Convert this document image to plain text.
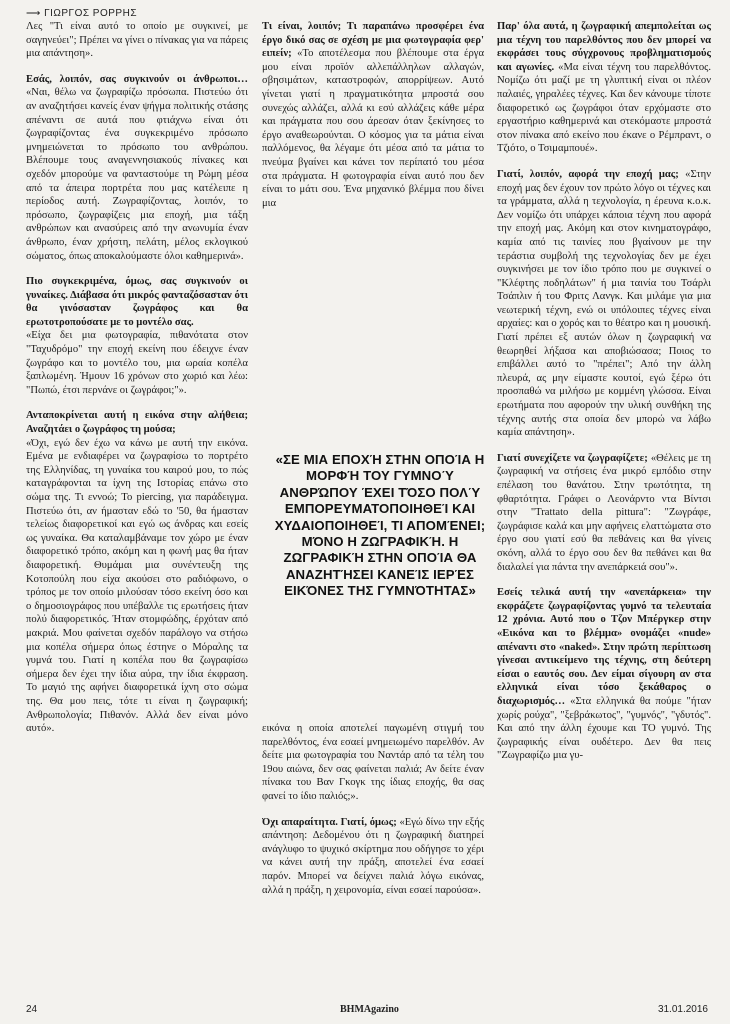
⟶ ΓΙΩΡΓΟΣ ΡΟΡΡΗΣ

Λες "Τι είναι αυτό το οποίο με συγκινεί, με σαγηνεύει"; Πρέπει να γίνει ο πίνακας για να πάρεις μια απάντηση».

Εσάς, λοιπόν, σας συγκινούν οι άνθρωποι… «Ναι, θέλω να ζωγραφίζω πρόσωπα. Πιστεύω ότι αν αναζητήσει κανείς έναν ψήγμα πολιτικής στάσης απέναντι σε αυτά που φτιάχνω είναι ότι ζωγραφίζοντας ένα συγκεκριμένο πρόσωπο μνημειώνεται το πρόσωπο του ανθρώπου. Βλέπουμε τους αναγεννησιακούς πίνακες και σχεδόν μπορούμε να φανταστούμε τη Ρώμη μέσα από τα άπειρα πορτρέτα που μας κατέλειπε η περίοδος αυτή. Ζωγραφίζοντας, λοιπόν, το πρόσωπο, ζωγραφίζεις μια εποχή, μια τάξη ανθρώπων και ανασύρεις από την ανωνυμία έναν άνθρωπο, έναν χρήστη, πελάτη, μέλος εκλογικού σώματος, όπως αποκαλούμαστε όλοι καθημερινά».

Πιο συγκεκριμένα, όμως, σας συγκινούν οι γυναίκες. Διάβασα ότι μικρός φανταζόσασταν ότι θα γινόσασταν ζωγράφος και θα ερωτοτροπούσατε με το μοντέλο σας.
«Είχα δει μια φωτογραφία, πιθανότατα στον "Ταχυδρόμο" την εποχή εκείνη που έδειχνε έναν ζωγράφο και το μοντέλο του, μια ωραία κοπέλα ξαπλωμένη. Ήμουν 16 χρόνων στο χωριό και λέω: "Πωπώ, έτσι περνάνε οι ζωγράφοι;"».

Ανταποκρίνεται αυτή η εικόνα στην αλήθεια; Αναζητάει ο ζωγράφος τη μούσα;
«Όχι, εγώ δεν έχω να κάνω με αυτή την εικόνα. Εμένα με ενδιαφέρει να ζωγραφίσω το πορτρέτο της Ελληνίδας, τη γυναίκα του καιρού μου, το πώς καταγράφονται τα ίχνη της Ιστορίας επάνω στο σώμα της. Τι εννοώ; Το piercing, για παράδειγμα. Πιστεύω ότι, αν ήμασταν εδώ το '50, θα ήμασταν τελείως διαφορετικοί και εγώ ως άνδρας και εσείς ως γυναίκα. Θα καταλαμβάναμε τον χώρο με έναν διαφορετικό τρόπο, ακόμη και η φωνή μας θα ήταν διαφορετική. Θυμάμαι μια συνέντευξη της Κοτοπούλη που είχα ακούσει στο ραδιόφωνο, ο τρόπος με τον οποίο μιλούσαν τόσο εκείνη όσο και ο δημοσιογράφος που υπέβαλλε τις ερωτήσεις ήταν πολύ διαφορετικός. Ήταν στομφώδης, έρχόταν από μακριά. Μου φαίνεται σχεδόν παράλογο να στήσω μια κοπέλα σήμερα όπως έστηνε ο Μόραλης τα γυμνά του. Γιατί η κοπέλα που θα ζωγραφίσω σήμερα δεν έχει την ίδια αύρα, την ίδια έκφραση. Το μαγιό της αφήνει διαφορετικά ίχνη στο σώμα της. Θα μου πεις, τότε τι είναι η ζωγραφική; Ανθρωπολογία; Πιθανόν. Αλλά δεν είναι μόνο αυτό».

Τι είναι, λοιπόν; Τι παραπάνω προσφέρει ένα έργο δικό σας σε σχέση με μια φωτογραφία φερ' ειπείν; «Το αποτέλεσμα που βλέπουμε στα έργα μου είναι προϊόν αλλεπάλληλων αλλαγών, σβησιμάτων, καταστροφών, απορρίψεων. Αυτό γίνεται γιατί η πραγματικότητα μπροστά σου συνεχώς αλλάζει, αλλά κι εσύ αλλάζεις κάθε μέρα και πράγματα που σου άρεσαν όταν ξεκίνησες το έργο αναθεωρούνται. Ο κόσμος για τα μάτια είναι παλλόμενος, θα λέγαμε ότι μέσα από τα μάτια το πνεύμα βγαίνει και κάνει τον περίπατό του μέσα στα πράγματα. Η φωτογραφία είναι αυτό που δεν είναι το μάτι σου. Ένα μηχανικό βλέμμα που δίνει μια

εικόνα η οποία αποτελεί παγωμένη στιγμή του παρελθόντος, ένα εσαεί μνημειωμένο παρελθόν. Αν δείτε μια φωτογραφία του Ναντάρ από τα τέλη του 19ου αιώνα, δεν σας φαίνεται παλιά; Αν δείτε έναν πίνακα του Βαν Γκογκ της ίδιας εποχής, θα σας φανεί το ίδιο παλιός;».

Όχι απαραίτητα. Γιατί, όμως; «Εγώ δίνω την εξής απάντηση: Δεδομένου ότι η ζωγραφική διατηρεί ανάγλυφο το ψυχικό σκίρτημα που οδήγησε το χέρι να κάνει αυτή την πράξη, αποτελεί ένα εσαεί παρόν. Μπορεί να δείχνει παλιά λόγω εικόνας, αλλά η πράξη, η χειρονομία, είναι εσαεί παρούσα».

«ΣΕ ΜΙΑ ΕΠΟΧΉ ΣΤΗΝ ΟΠΟΊΑ Η ΜΟΡΦΉ ΤΟΥ ΓΥΜΝΟΎ ΑΝΘΡΏΠΟΥ ΈΧΕΙ ΤΌΣΟ ΠΟΛΎ ΕΜΠΟΡΕΥΜΑΤΟΠΟΙΗΘΕΊ ΚΑΙ ΧΥΔΑΙΟΠΟΙΗΘΕΊ, ΤΙ ΑΠΟΜΈΝΕΙ; ΜΌΝΟ Η ΖΩΓΡΑΦΙΚΉ. Η ΖΩΓΡΑΦΙΚΉ ΣΤΗΝ ΟΠΟΊΑ ΘΑ ΑΝΑΖΗΤΉΣΕΙ ΚΑΝΕΊΣ ΙΕΡΈΣ ΕΙΚΌΝΕΣ ΤΗΣ ΓΥΜΝΌΤΗΤΑΣ»

Παρ' όλα αυτά, η ζωγραφική απεμπολείται ως μια τέχνη του παρελθόντος που δεν μπορεί να εκφράσει τους σύγχρονους προβληματισμούς και αγωνίες. «Μα είναι τέχνη του παρελθόντος. Νομίζω ότι μαζί με τη γλυπτική είναι οι πλέον παλαιές, γηραλέες τέχνες. Και δεν κάνουμε τίποτε διαφορετικό ως ζωγράφοι όταν ερχόμαστε στο εργαστήριο καθημερινά και στεκόμαστε μπροστά στον πίνακα από εκείνο που έκανε ο Ρέμπραντ, ο Τζιότο, ο Τσιμαμπουέ».

Γιατί, λοιπόν, αφορά την εποχή μας; «Στην εποχή μας δεν έχουν τον πρώτο λόγο οι τέχνες και τα γράμματα, αλλά η τεχνολογία, η έρευνα κ.ο.κ. Δεν νομίζω ότι υπάρχει κάποια τέχνη που αφορά την εποχή μας. Ακόμη και στον κινηματογράφο, καμία από τις ταινίες που βγαίνουν με την τεράστια συμβολή της τεχνολογίας δεν με έχει συγκινήσει με τον ίδιο τρόπο που με συγκινεί ο "Κλέφτης ποδηλάτων" ή μια ταινία του Τσάρλι Τσάπλιν ή του Φριτς Λανγκ. Και μιλάμε για μια νεωτερική τέχνη, ενώ οι υπόλοιπες τέχνες είναι αρχαίες: και ο χορός και το θέατρο και η μουσική. Γιατί πρέπει εξ αυτών όλων η ζωγραφική να θεωρηθεί λήξασα και αποβιώσασα; Ποιος το επιβάλλει αυτό το "πρέπει"; Από την άλλη πλευρά, ας μην είμαστε κουτοί, εγώ ξέρω ότι προσπαθώ να μιλήσω με κομμένη γλώσσα. Είναι ερωτήματα που αφορούν την υλική συνθήκη της τέχνης αυτής στα οποία δεν μπορώ να λάβω καμία απάντηση».

Γιατί συνεχίζετε να ζωγραφίζετε; «Θέλεις με τη ζωγραφική να στήσεις ένα μικρό εμπόδιο στην επέλαση του θανάτου. Στην τρωτότητα, τη φθαρτότητα. Γράφει ο Λεονάρντο ντα Βίντσι στην "Trattato della pittura": "Ζωγράφε, ζωγράφισε καλά και μην αφήνεις ελαττώματα στο έργο σου γιατί εσύ θα πεθάνεις και θα γίνεις σκόνη, αλλά το έργο σου δεν θα πεθάνει και θα διαλαλεί για πάντα την ανεπάρκειά σου"».

Εσείς τελικά αυτή την «ανεπάρκεια» την εκφράζετε ζωγραφίζοντας γυμνό τα τελευταία 12 χρόνια. Αυτό που ο Τζον Μπέργκερ στην «Εικόνα και το βλέμμα» ονομάζει «nude» απέναντι στο «naked». Στην πρώτη περίπτωση γίνεσαι αντικείμενο της τέχνης, στη δεύτερη είσαι ο εαυτός σου. Δεν είμαι σίγουρη αν στα ελληνικά είναι τόσο ξεκάθαρος ο διαχωρισμός… «Στα ελληνικά θα πούμε "ήταν χωρίς ρούχα", "ξεβράκωτος", "γυμνός", "γδυτός". Και από την άλλη έχουμε και ΤΟ γυμνό. Της ζωγραφικής είναι ουδέτερο. Δεν θα πεις "Ζωγραφίζω μια γυ-

24	ΒΗΜAgazino	31.01.2016
